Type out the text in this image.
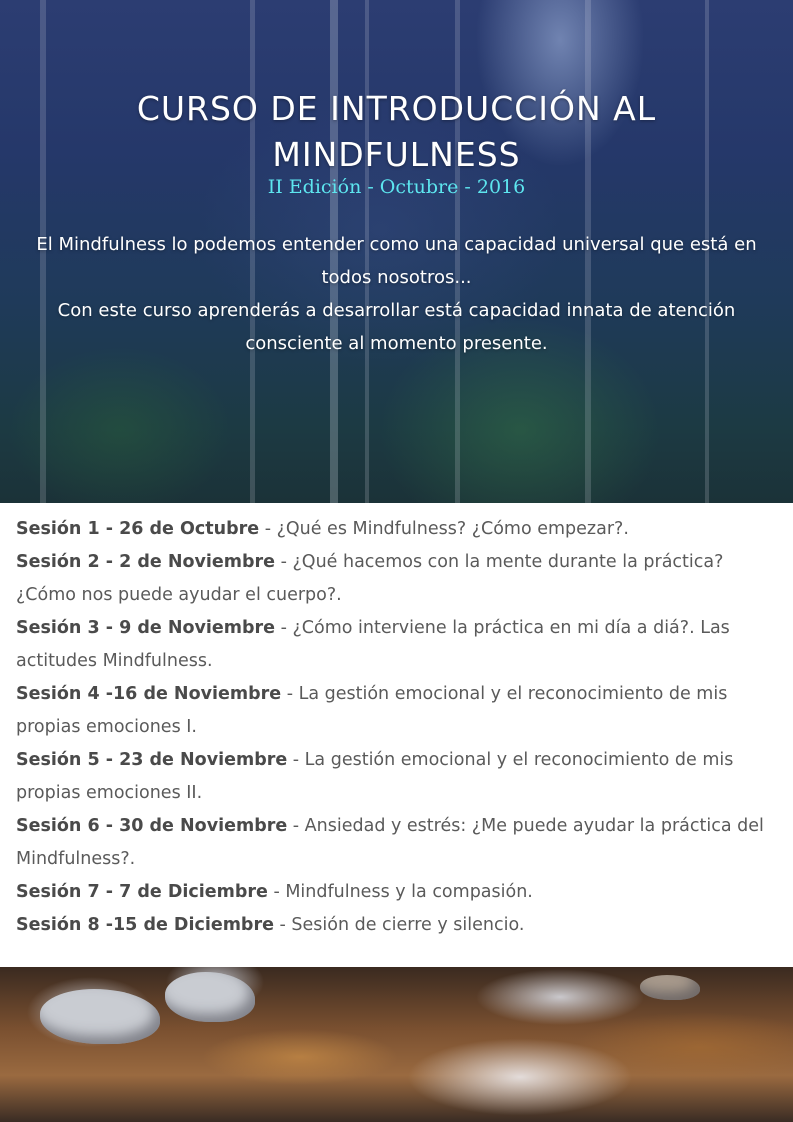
CURSO DE INTRODUCCIÓN AL
MINDFULNESS
II Edición - Octubre - 2016

El Mindfulness lo podemos entender como una capacidad universal que está en todos nosotros...

Con este curso aprenderás a desarrollar está capacidad innata de atención consciente al momento presente.

Sesión 1 - 26 de Octubre - ¿Qué es Mindfulness? ¿Cómo empezar?.

Sesión 2 - 2 de Noviembre - ¿Qué hacemos con la mente durante la práctica? ¿Cómo nos puede ayudar el cuerpo?.

Sesión 3 - 9 de Noviembre - ¿Cómo interviene la práctica en mi día a diá?. Las actitudes Mindfulness.

Sesión 4 -16 de Noviembre - La gestión emocional y el reconocimiento de mis propias emociones I.

Sesión 5 - 23 de Noviembre - La gestión emocional y el reconocimiento de mis propias emociones II.

Sesión 6 - 30 de Noviembre - Ansiedad y estrés: ¿Me puede ayudar la práctica del Mindfulness?.

Sesión 7 - 7 de Diciembre - Mindfulness y la compasión.

Sesión 8 -15 de Diciembre - Sesión de cierre y silencio.
